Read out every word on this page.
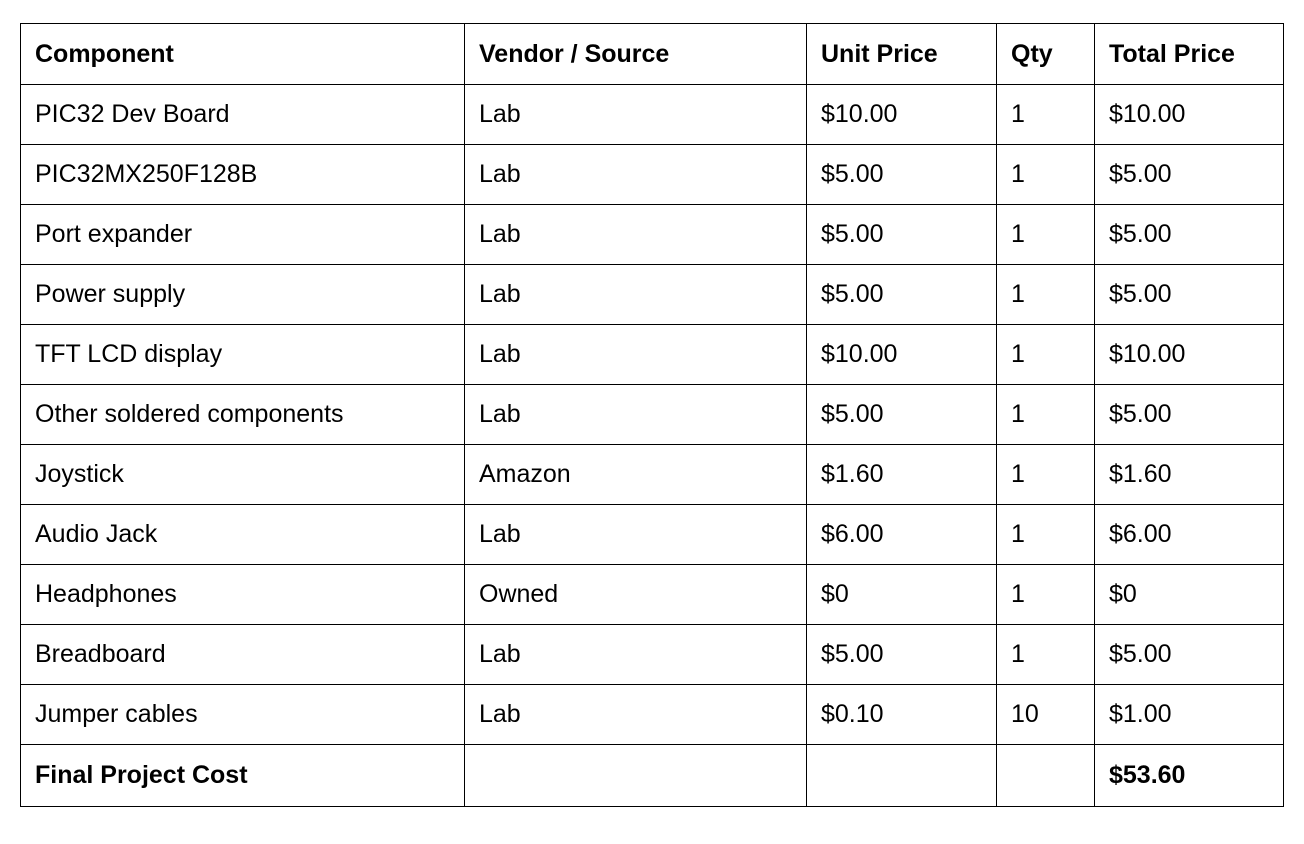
Component	Vendor / Source	Unit Price	Qty	Total Price
PIC32 Dev Board	Lab	$10.00	1	$10.00
PIC32MX250F128B	Lab	$5.00	1	$5.00
Port expander	Lab	$5.00	1	$5.00
Power supply	Lab	$5.00	1	$5.00
TFT LCD display	Lab	$10.00	1	$10.00
Other soldered components	Lab	$5.00	1	$5.00
Joystick	Amazon	$1.60	1	$1.60
Audio Jack	Lab	$6.00	1	$6.00
Headphones	Owned	$0	1	$0
Breadboard	Lab	$5.00	1	$5.00
Jumper cables	Lab	$0.10	10	$1.00
Final Project Cost				$53.60
